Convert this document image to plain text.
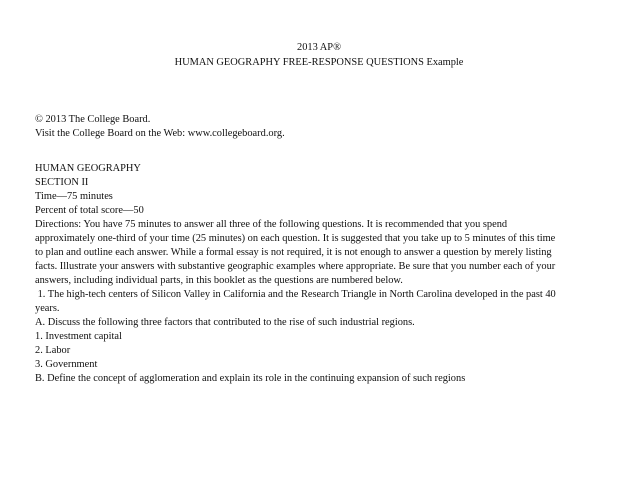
2013 AP®
HUMAN GEOGRAPHY FREE-RESPONSE QUESTIONS Example
© 2013 The College Board.
Visit the College Board on the Web: www.collegeboard.org.
HUMAN GEOGRAPHY
SECTION II
Time—75 minutes
Percent of total score—50
Directions: You have 75 minutes to answer all three of the following questions. It is recommended that you spend
approximately one-third of your time (25 minutes) on each question. It is suggested that you take up to 5 minutes of this time
to plan and outline each answer. While a formal essay is not required, it is not enough to answer a question by merely listing
facts. Illustrate your answers with substantive geographic examples where appropriate. Be sure that you number each of your
answers, including individual parts, in this booklet as the questions are numbered below.
1. The high-tech centers of Silicon Valley in California and the Research Triangle in North Carolina developed in the past 40
years.
A. Discuss the following three factors that contributed to the rise of such industrial regions.
1. Investment capital
2. Labor
3. Government
B. Define the concept of agglomeration and explain its role in the continuing expansion of such regions
